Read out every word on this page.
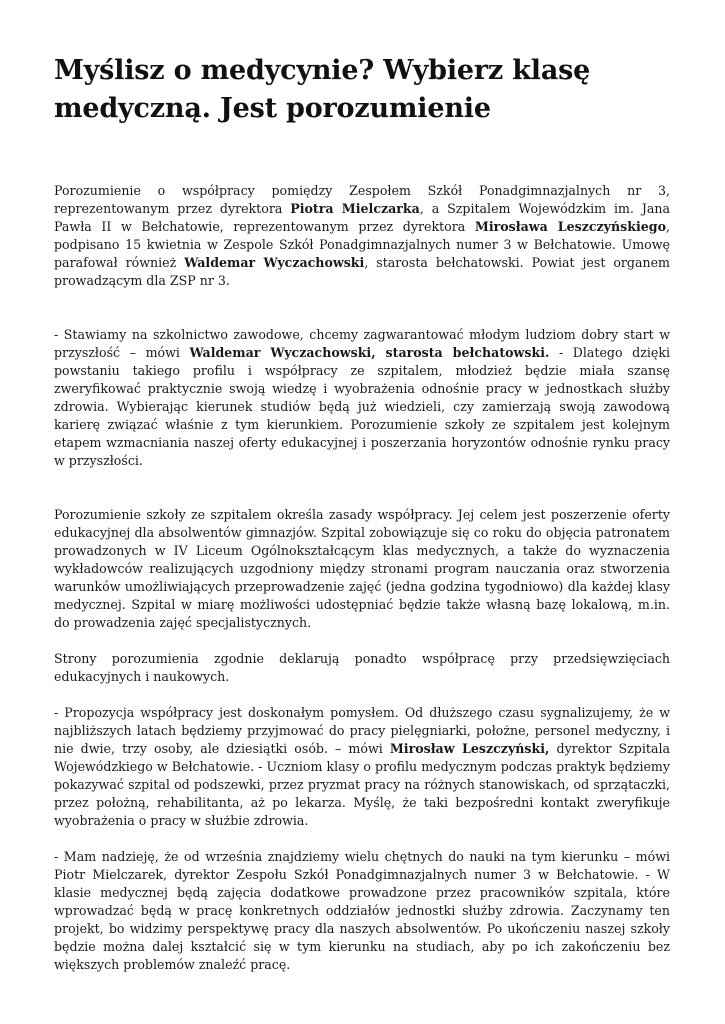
Myślisz o medycynie? Wybierz klasę medyczną. Jest porozumienie

Porozumienie o współpracy pomiędzy Zespołem Szkół Ponadgimnazjalnych nr 3, reprezentowanym przez dyrektora Piotra Mielczarka, a Szpitalem Wojewódzkim im. Jana Pawła II w Bełchatowie, reprezentowanym przez dyrektora Mirosława Leszczyńskiego, podpisano 15 kwietnia w Zespole Szkół Ponadgimnazjalnych numer 3 w Bełchatowie. Umowę parafował również Waldemar Wyczachowski, starosta bełchatowski. Powiat jest organem prowadzącym dla ZSP nr 3.

- Stawiamy na szkolnictwo zawodowe, chcemy zagwarantować młodym ludziom dobry start w przyszłość – mówi Waldemar Wyczachowski, starosta bełchatowski. - Dlatego dzięki powstaniu takiego profilu i współpracy ze szpitalem, młodzież będzie miała szansę zweryfikować praktycznie swoją wiedzę i wyobrażenia odnośnie pracy w jednostkach służby zdrowia. Wybierając kierunek studiów będą już wiedzieli, czy zamierzają swoją zawodową karierę związać właśnie z tym kierunkiem. Porozumienie szkoły ze szpitalem jest kolejnym etapem wzmacniania naszej oferty edukacyjnej i poszerzania horyzontów odnośnie rynku pracy w przyszłości.

Porozumienie szkoły ze szpitalem określa zasady współpracy. Jej celem jest poszerzenie oferty edukacyjnej dla absolwentów gimnazjów. Szpital zobowiązuje się co roku do objęcia patronatem prowadzonych w IV Liceum Ogólnokształcącym klas medycznych, a także do wyznaczenia wykładowców realizujących uzgodniony między stronami program nauczania oraz stworzenia warunków umożliwiających przeprowadzenie zajęć (jedna godzina tygodniowo) dla każdej klasy medycznej. Szpital w miarę możliwości udostępniać będzie także własną bazę lokalową, m.in. do prowadzenia zajęć specjalistycznych.

Strony porozumienia zgodnie deklarują ponadto współpracę przy przedsięwzięciach edukacyjnych i naukowych.

- Propozycja współpracy jest doskonałym pomysłem. Od dłuższego czasu sygnalizujemy, że w najbliższych latach będziemy przyjmować do pracy pielęgniarki, położne, personel medyczny, i nie dwie, trzy osoby, ale dziesiątki osób. – mówi Mirosław Leszczyński, dyrektor Szpitala Wojewódzkiego w Bełchatowie. - Uczniom klasy o profilu medycznym podczas praktyk będziemy pokazywać szpital od podszewki, przez pryzmat pracy na różnych stanowiskach, od sprzątaczki, przez położną, rehabilitanta, aż po lekarza. Myślę, że taki bezpośredni kontakt zweryfikuje wyobrażenia o pracy w służbie zdrowia.

- Mam nadzieję, że od września znajdziemy wielu chętnych do nauki na tym kierunku – mówi Piotr Mielczarek, dyrektor Zespołu Szkół Ponadgimnazjalnych numer 3 w Bełchatowie. - W klasie medycznej będą zajęcia dodatkowe prowadzone przez pracowników szpitala, które wprowadzać będą w pracę konkretnych oddziałów jednostki służby zdrowia. Zaczynamy ten projekt, bo widzimy perspektywę pracy dla naszych absolwentów. Po ukończeniu naszej szkoły będzie można dalej kształcić się w tym kierunku na studiach, aby po ich zakończeniu bez większych problemów znaleźć pracę.
